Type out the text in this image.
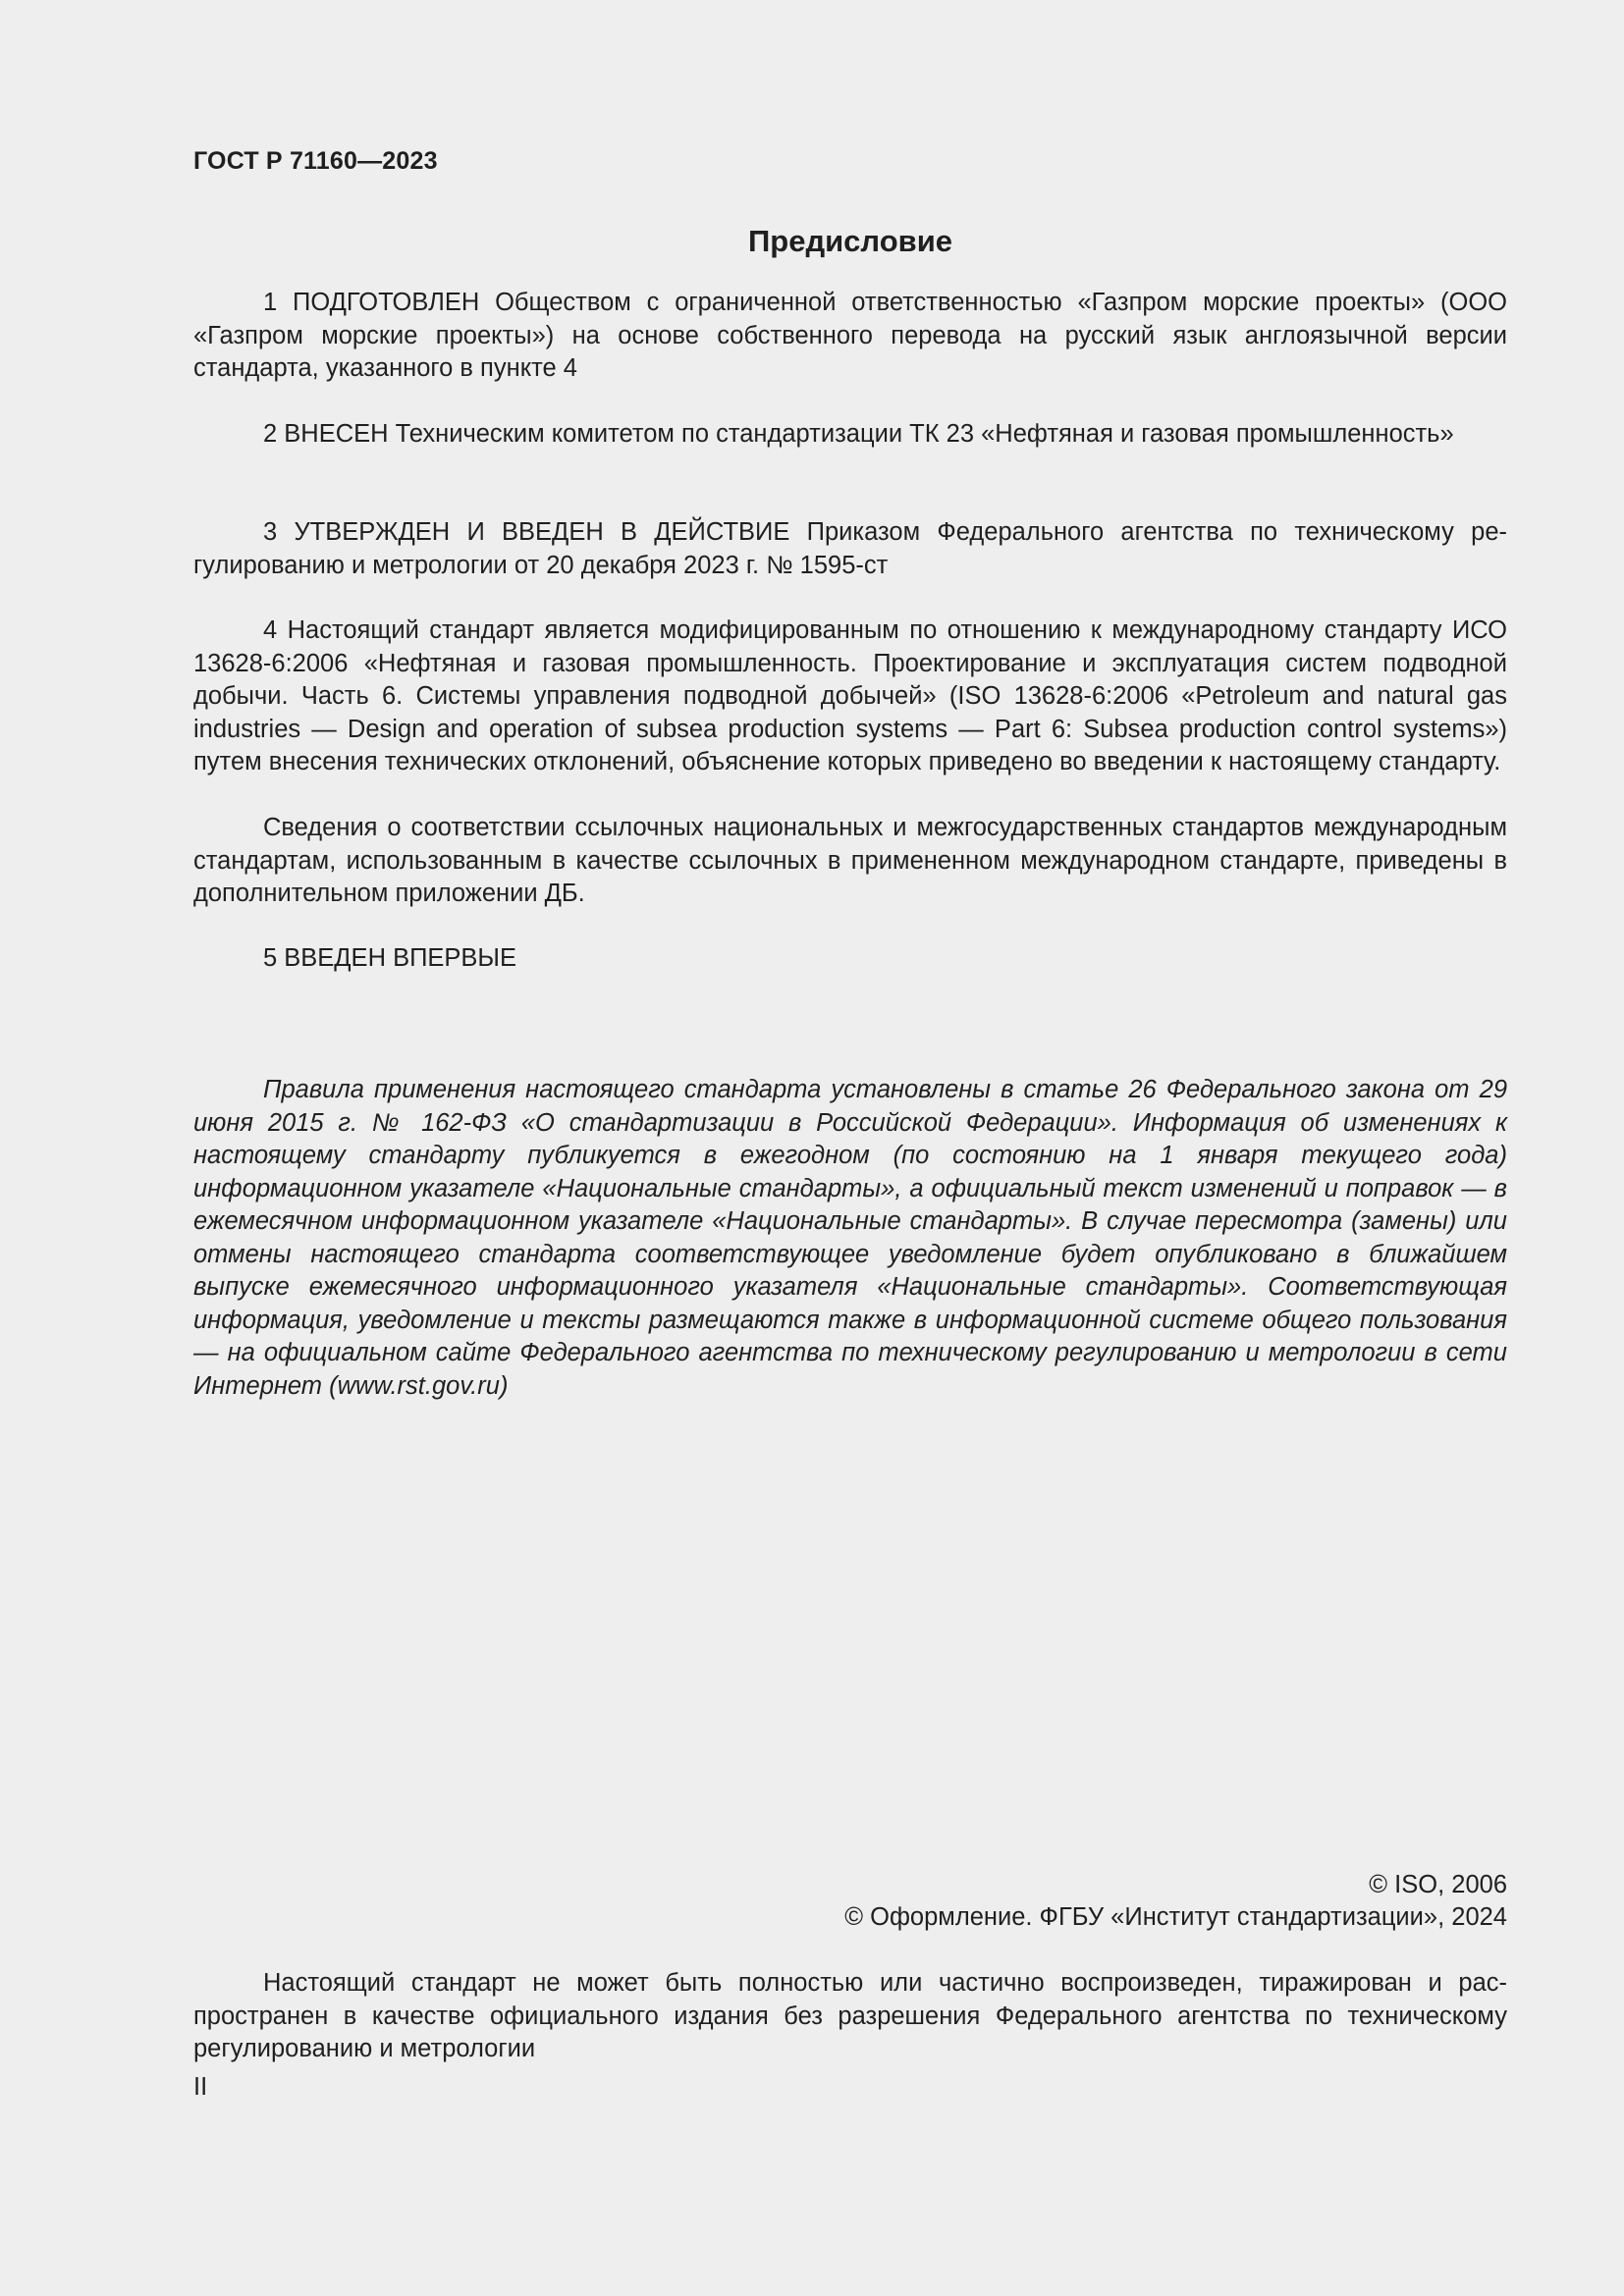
ГОСТ Р 71160—2023
Предисловие

1 ПОДГОТОВЛЕН Обществом с ограниченной ответственностью «Газпром морские проекты» (ООО «Газпром морские проекты») на основе собственного перевода на русский язык англоязычной версии стандарта, указанного в пункте 4

2 ВНЕСЕН Техническим комитетом по стандартизации ТК 23 «Нефтяная и газовая промышленность»

3 УТВЕРЖДЕН И ВВЕДЕН В ДЕЙСТВИЕ Приказом Федерального агентства по техническому регулированию и метрологии от 20 декабря 2023 г. № 1595-ст

4 Настоящий стандарт является модифицированным по отношению к международному стандарту ИСО 13628-6:2006 «Нефтяная и газовая промышленность. Проектирование и эксплуатация систем подводной добычи. Часть 6. Системы управления подводной добычей» (ISO 13628-6:2006 «Petroleum and natural gas industries — Design and operation of subsea production systems — Part 6: Subsea production control systems») путем внесения технических отклонений, объяснение которых приведено во введении к настоящему стандарту.

Сведения о соответствии ссылочных национальных и межгосударственных стандартов международным стандартам, использованным в качестве ссылочных в примененном международном стандарте, приведены в дополнительном приложении ДБ.

5 ВВЕДЕН ВПЕРВЫЕ

Правила применения настоящего стандарта установлены в статье 26 Федерального закона от 29 июня 2015 г. № 162-ФЗ «О стандартизации в Российской Федерации». Информация об изменениях к настоящему стандарту публикуется в ежегодном (по состоянию на 1 января текущего года) информационном указателе «Национальные стандарты», а официальный текст изменений и поправок — в ежемесячном информационном указателе «Национальные стандарты». В случае пересмотра (замены) или отмены настоящего стандарта соответствующее уведомление будет опубликовано в ближайшем выпуске ежемесячного информационного указателя «Национальные стандарты». Соответствующая информация, уведомление и тексты размещаются также в информационной системе общего пользования — на официальном сайте Федерального агентства по техническому регулированию и метрологии в сети Интернет (www.rst.gov.ru)

© ISO, 2006

© Оформление. ФГБУ «Институт стандартизации», 2024

Настоящий стандарт не может быть полностью или частично воспроизведен, тиражирован и распространен в качестве официального издания без разрешения Федерального агентства по техническому регулированию и метрологии

II
